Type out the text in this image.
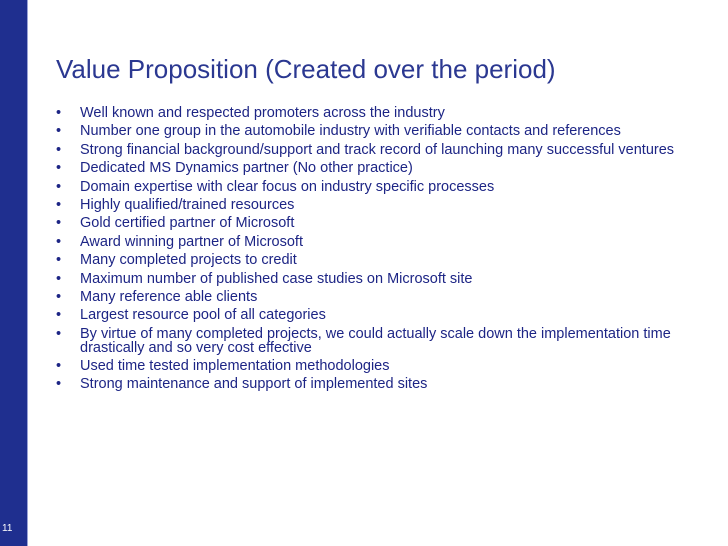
11
Value Proposition (Created over the period)
• Well known and respected promoters across the industry
• Number one group in the automobile industry with verifiable contacts and references
• Strong financial background/support and track record of launching many successful ventures
• Dedicated MS Dynamics partner (No other practice)
• Domain expertise with clear focus on industry specific processes
• Highly qualified/trained resources
• Gold certified partner of Microsoft
• Award winning partner of Microsoft
• Many completed projects to credit
• Maximum number of published case studies on Microsoft site
• Many reference able clients
• Largest resource pool of all categories
• By virtue of many completed projects, we could actually scale down the implementation time drastically and so very cost effective
• Used time tested implementation methodologies
• Strong maintenance and support of implemented sites
